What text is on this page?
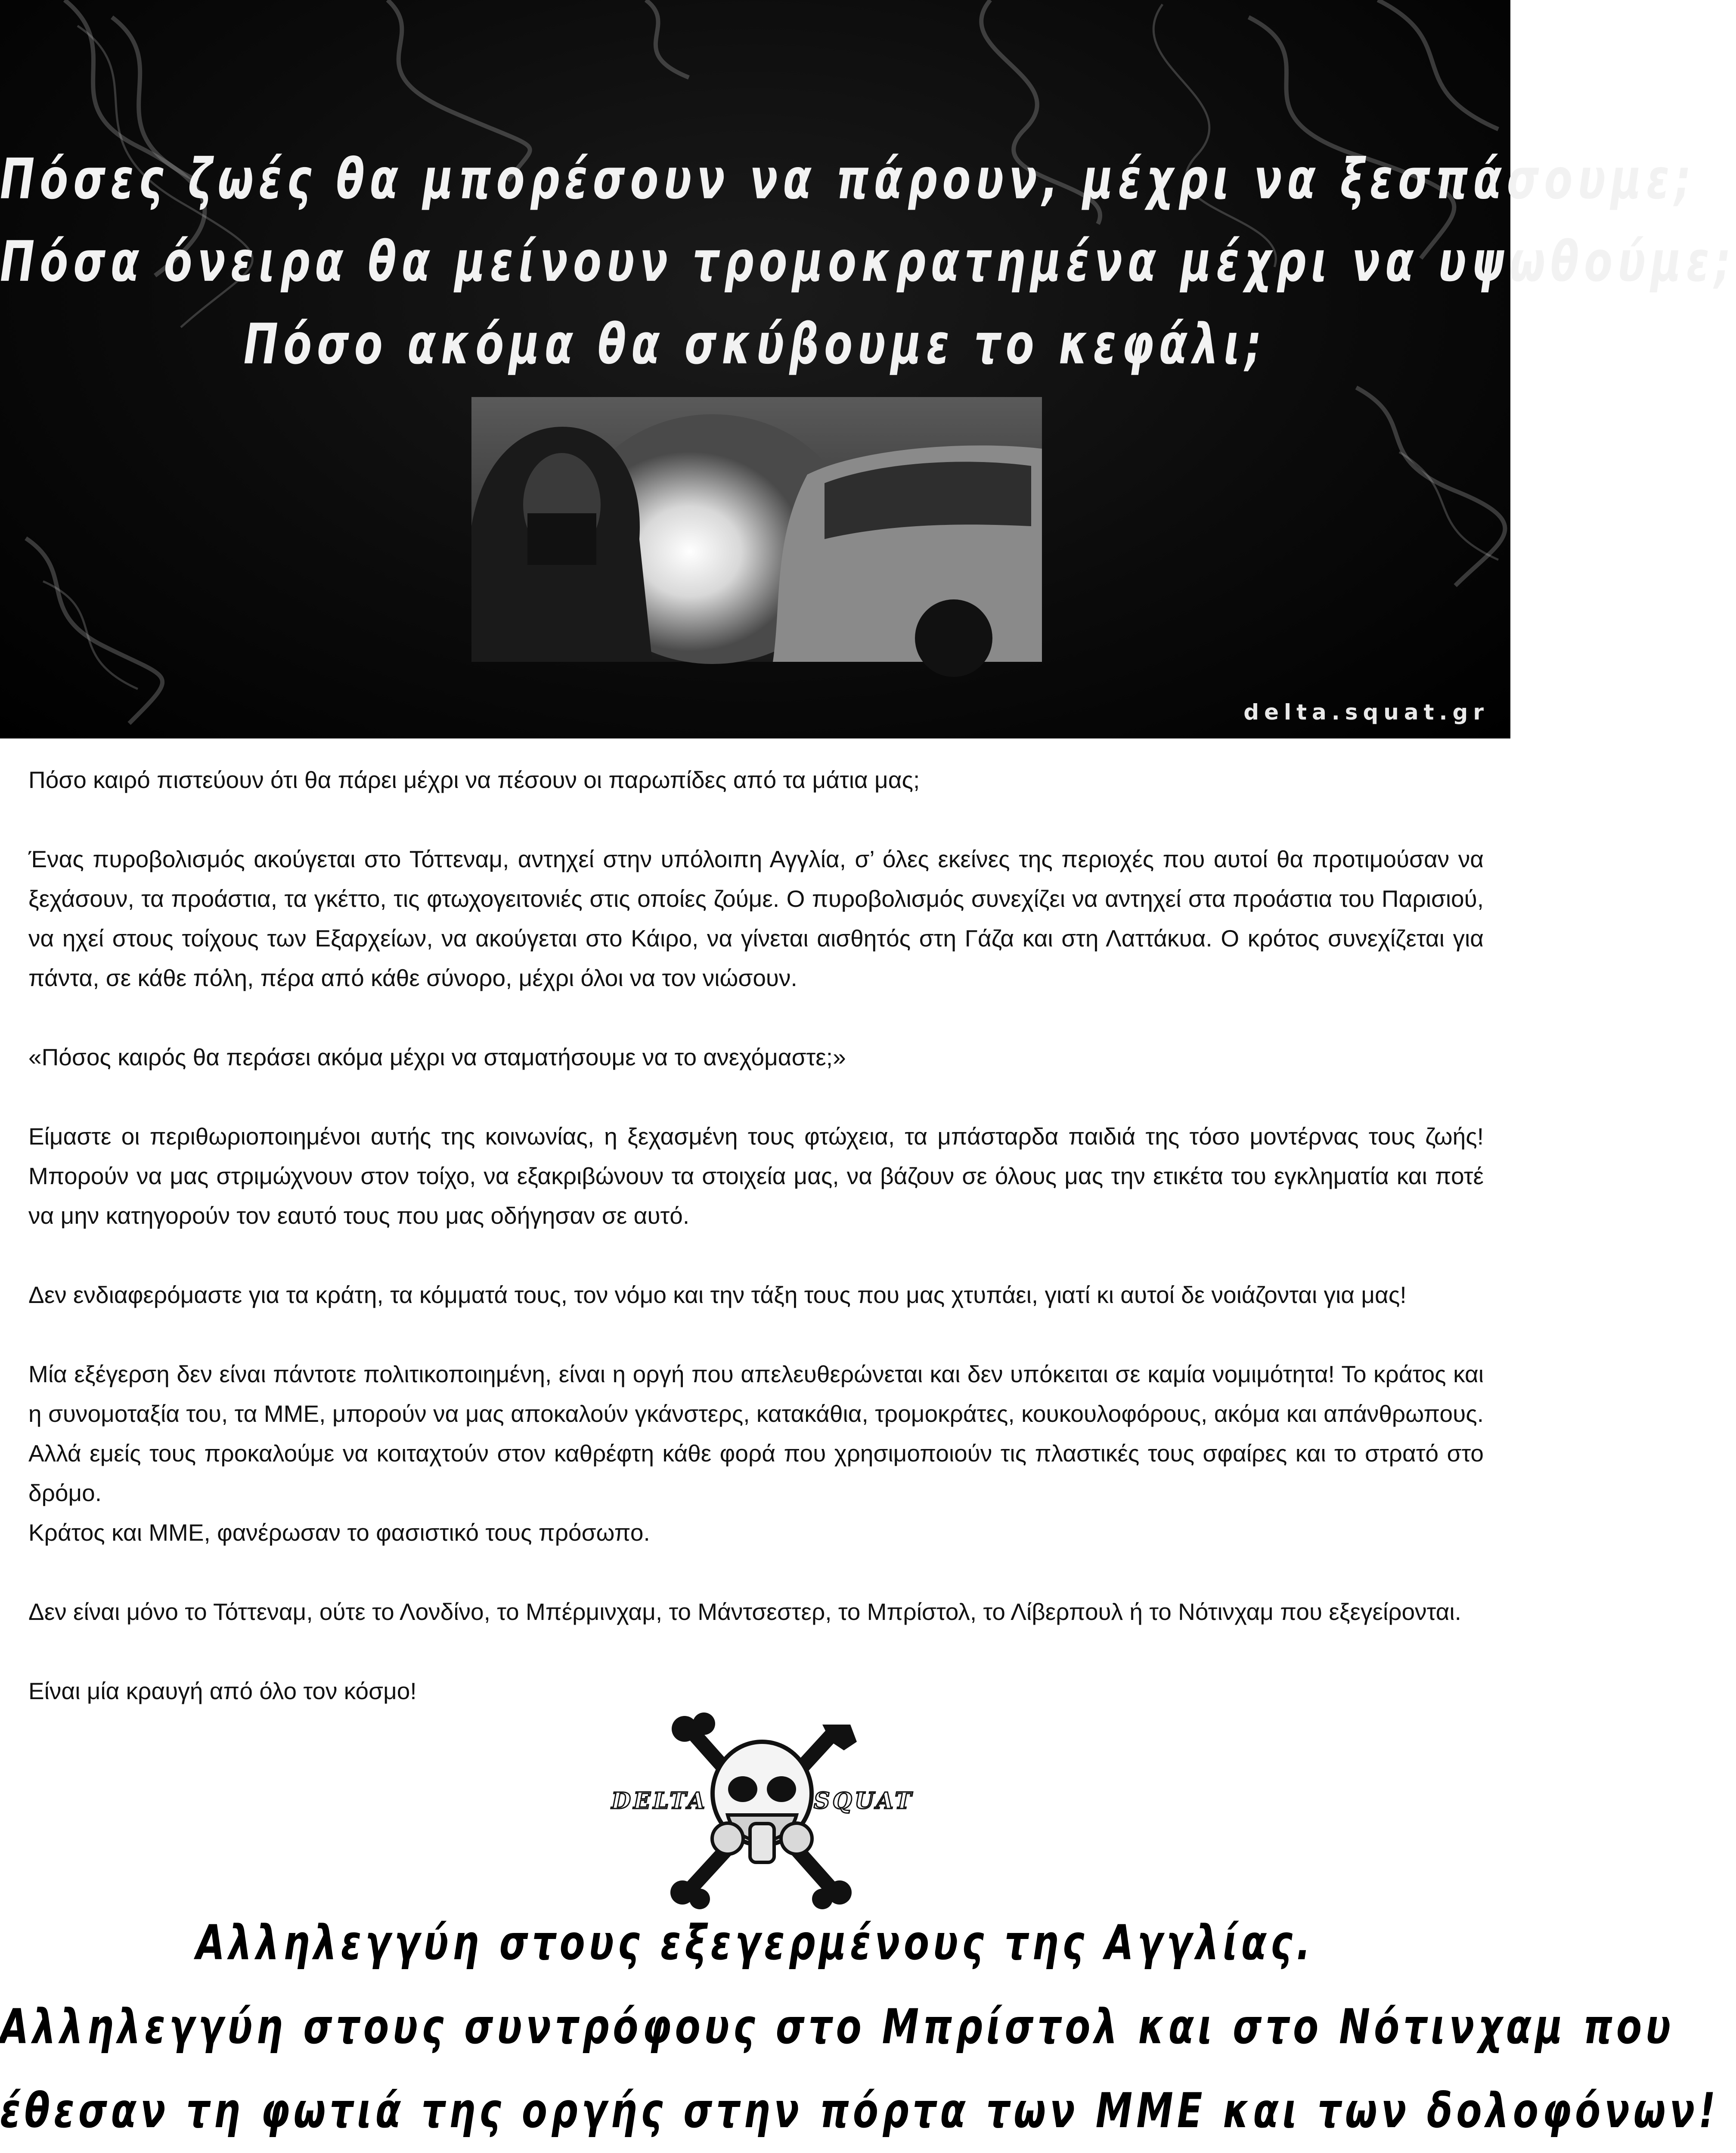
Πόσες ζωές θα μπορέσουν να πάρουν, μέχρι να ξεσπάσουμε;
Πόσα όνειρα θα μείνουν τρομοκρατημένα μέχρι να υψωθούμε;
Πόσο ακόμα θα σκύβουμε το κεφάλι;
delta.squat.gr

Πόσο καιρό πιστεύουν ότι θα πάρει μέχρι να πέσουν οι παρωπίδες από τα μάτια μας;

Ένας πυροβολισμός ακούγεται στο Τόττεναμ, αντηχεί στην υπόλοιπη Αγγλία, σ’ όλες εκείνες της περιοχές που αυτοί θα προτιμούσαν να ξεχάσουν, τα προάστια, τα γκέττο, τις φτωχογειτονιές στις οποίες ζούμε. Ο πυροβολισμός συνεχίζει να αντηχεί στα προάστια του Παρισιού, να ηχεί στους τοίχους των Εξαρχείων, να ακούγεται στο Κάιρο, να γίνεται αισθητός στη Γάζα και στη Λαττάκυα. Ο κρότος συνεχίζεται για πάντα, σε κάθε πόλη, πέρα από κάθε σύνορο, μέχρι όλοι να τον νιώσουν.

«Πόσος καιρός θα περάσει ακόμα μέχρι να σταματήσουμε να το ανεχόμαστε;»

Είμαστε οι περιθωριοποιημένοι αυτής της κοινωνίας, η ξεχασμένη τους φτώχεια, τα μπάσταρδα παιδιά της τόσο μοντέρνας τους ζωής! Μπορούν να μας στριμώχνουν στον τοίχο, να εξακριβώνουν τα στοιχεία μας, να βάζουν σε όλους μας την ετικέτα του εγκληματία και ποτέ να μην κατηγορούν τον εαυτό τους που μας οδήγησαν σε αυτό.

Δεν ενδιαφερόμαστε για τα κράτη, τα κόμματά τους, τον νόμο και την τάξη τους που μας χτυπάει, γιατί κι αυτοί δε νοιάζονται για μας!

Μία εξέγερση δεν είναι πάντοτε πολιτικοποιημένη, είναι η οργή που απελευθερώνεται και δεν υπόκειται σε καμία νομιμότητα! Το κράτος και η συνομοταξία του, τα ΜΜΕ, μπορούν να μας αποκαλούν γκάνστερς, κατακάθια, τρομοκράτες, κουκουλοφόρους, ακόμα και απάνθρωπους. Αλλά εμείς τους προκαλούμε να κοιταχτούν στον καθρέφτη κάθε φορά που χρησιμοποιούν τις πλαστικές τους σφαίρες και το στρατό στο δρόμο.

Κράτος και ΜΜΕ, φανέρωσαν το φασιστικό τους πρόσωπο.

Δεν είναι μόνο το Τόττεναμ, ούτε το Λονδίνο, το Μπέρμινχαμ, το Μάντσεστερ, το Μπρίστολ, το Λίβερπουλ ή το Νότινχαμ που εξεγείρονται.

Είναι μία κραυγή από όλο τον κόσμο!

DELTA	SQUAT
Αλληλεγγύη στους εξεγερμένους της Αγγλίας.
Αλληλεγγύη στους συντρόφους στο Μπρίστολ και στο Νότινχαμ που
έθεσαν τη φωτιά της οργής στην πόρτα των ΜΜΕ και των δολοφόνων!
